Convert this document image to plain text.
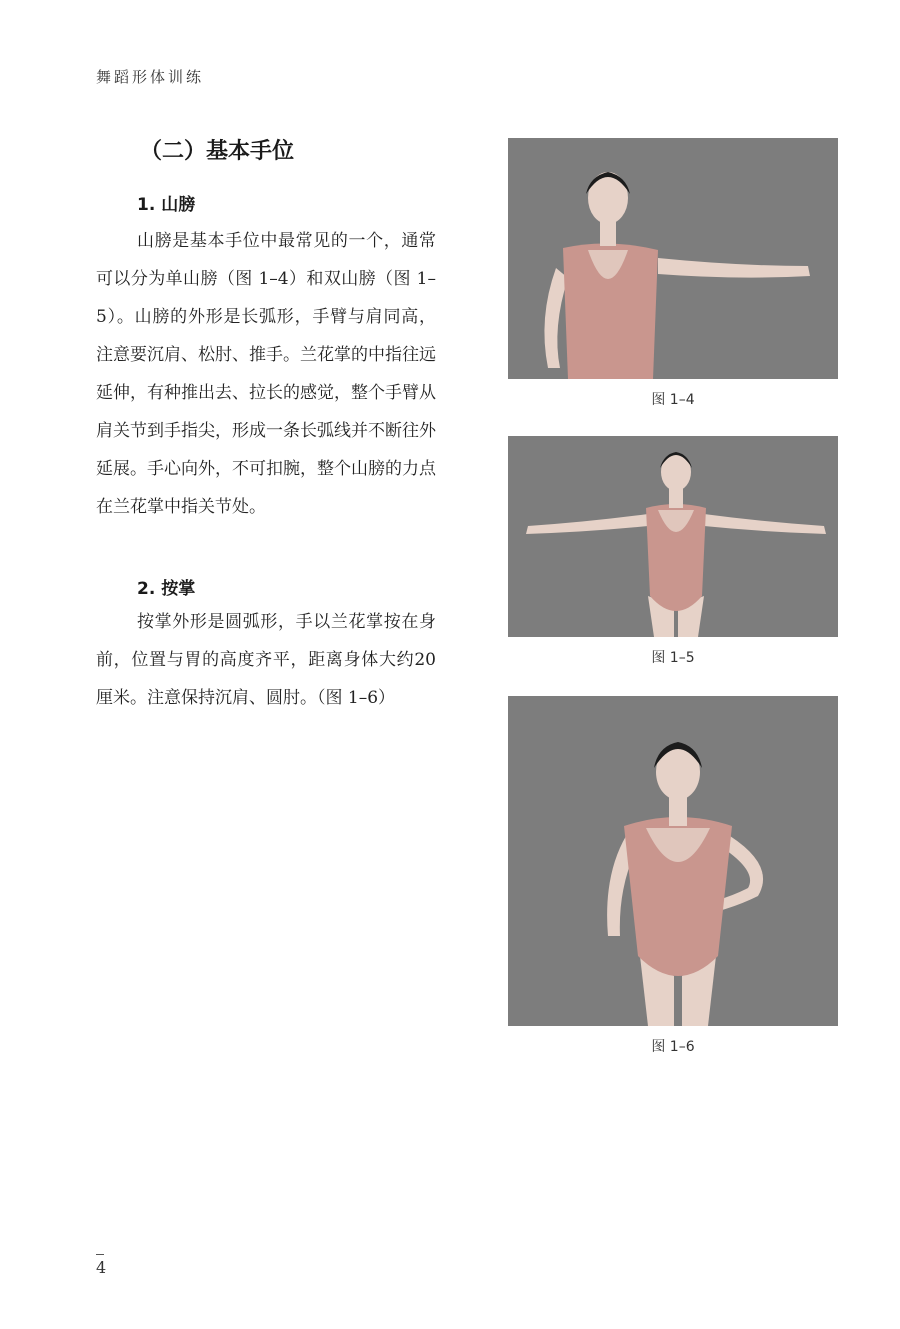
舞蹈形体训练
（二）基本手位
1. 山膀

山膀是基本手位中最常见的一个，通常可以分为单山膀（图 1–4）和双山膀（图 1–5）。山膀的外形是长弧形，手臂与肩同高，注意要沉肩、松肘、推手。兰花掌的中指往远延伸，有种推出去、拉长的感觉，整个手臂从肩关节到手指尖，形成一条长弧线并不断往外延展。手心向外，不可扣腕，整个山膀的力点在兰花掌中指关节处。

2. 按掌

按掌外形是圆弧形，手以兰花掌按在身前，位置与胃的高度齐平，距离身体大约20厘米。注意保持沉肩、圆肘。（图 1–6）

图 1–4
图 1–5
图 1–6
4
